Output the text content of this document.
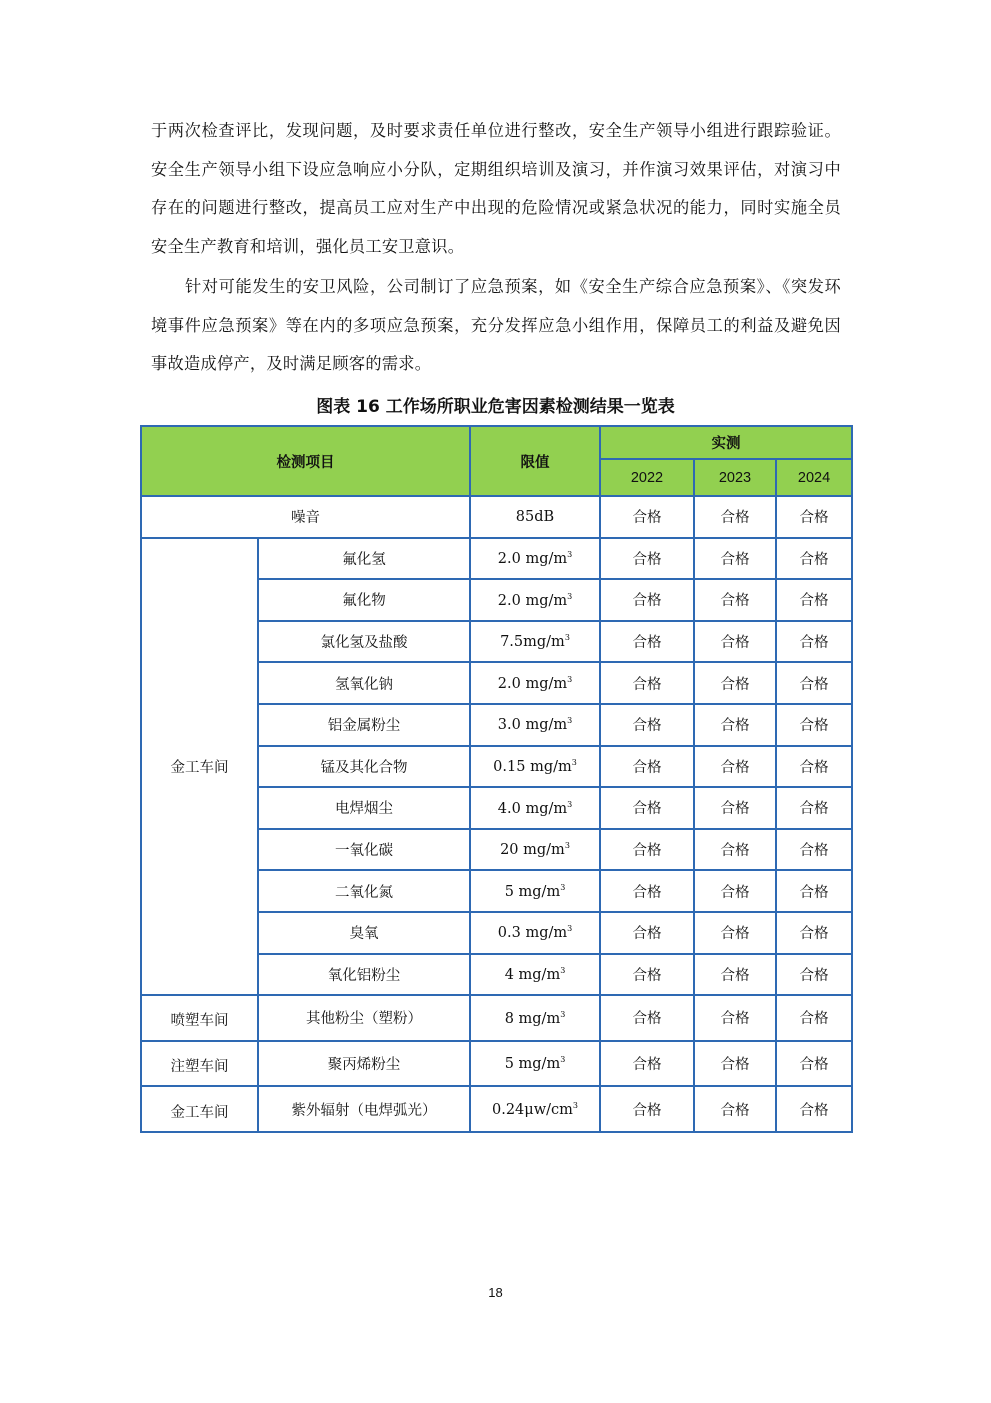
于两次检查评比，发现问题，及时要求责任单位进行整改，安全生产领导小组进行跟踪验证。安全生产领导小组下设应急响应小分队，定期组织培训及演习，并作演习效果评估，对演习中存在的问题进行整改，提高员工应对生产中出现的危险情况或紧急状况的能力，同时实施全员安全生产教育和培训，强化员工安卫意识。

针对可能发生的安卫风险，公司制订了应急预案，如《安全生产综合应急预案》、《突发环境事件应急预案》等在内的多项应急预案，充分发挥应急小组作用，保障员工的利益及避免因事故造成停产，及时满足顾客的需求。

图表 16 工作场所职业危害因素检测结果一览表
检测项目		限值	实测		
			2022	2023	2024
噪音		85dB	合格	合格	合格
金工车间	氟化氢	2.0 $mg/m^3$	合格	合格	合格
	氟化物	2.0 $mg/m^3$	合格	合格	合格
	氯化氢及盐酸	$7.5mg/m^3$	合格	合格	合格
	氢氧化钠	2.0 $mg/m^3$	合格	合格	合格
	铝金属粉尘	3.0 $mg/m^3$	合格	合格	合格
	锰及其化合物	0.15 $mg/m^3$	合格	合格	合格
	电焊烟尘	4.0 $mg/m^3$	合格	合格	合格
	一氧化碳	20 $mg/m^3$	合格	合格	合格
	二氧化氮	5 $mg/m^3$	合格	合格	合格
	臭氧	0.3 $mg/m^3$	合格	合格	合格
	氧化铝粉尘	4 $mg/m^3$	合格	合格	合格
喷塑车间	其他粉尘（塑粉）	8 $mg/m^3$	合格	合格	合格
注塑车间	聚丙烯粉尘	5 $mg/m^3$	合格	合格	合格
金工车间	紫外辐射（电焊弧光）	$0.24\mu w/cm^3$	合格	合格	合格
18
